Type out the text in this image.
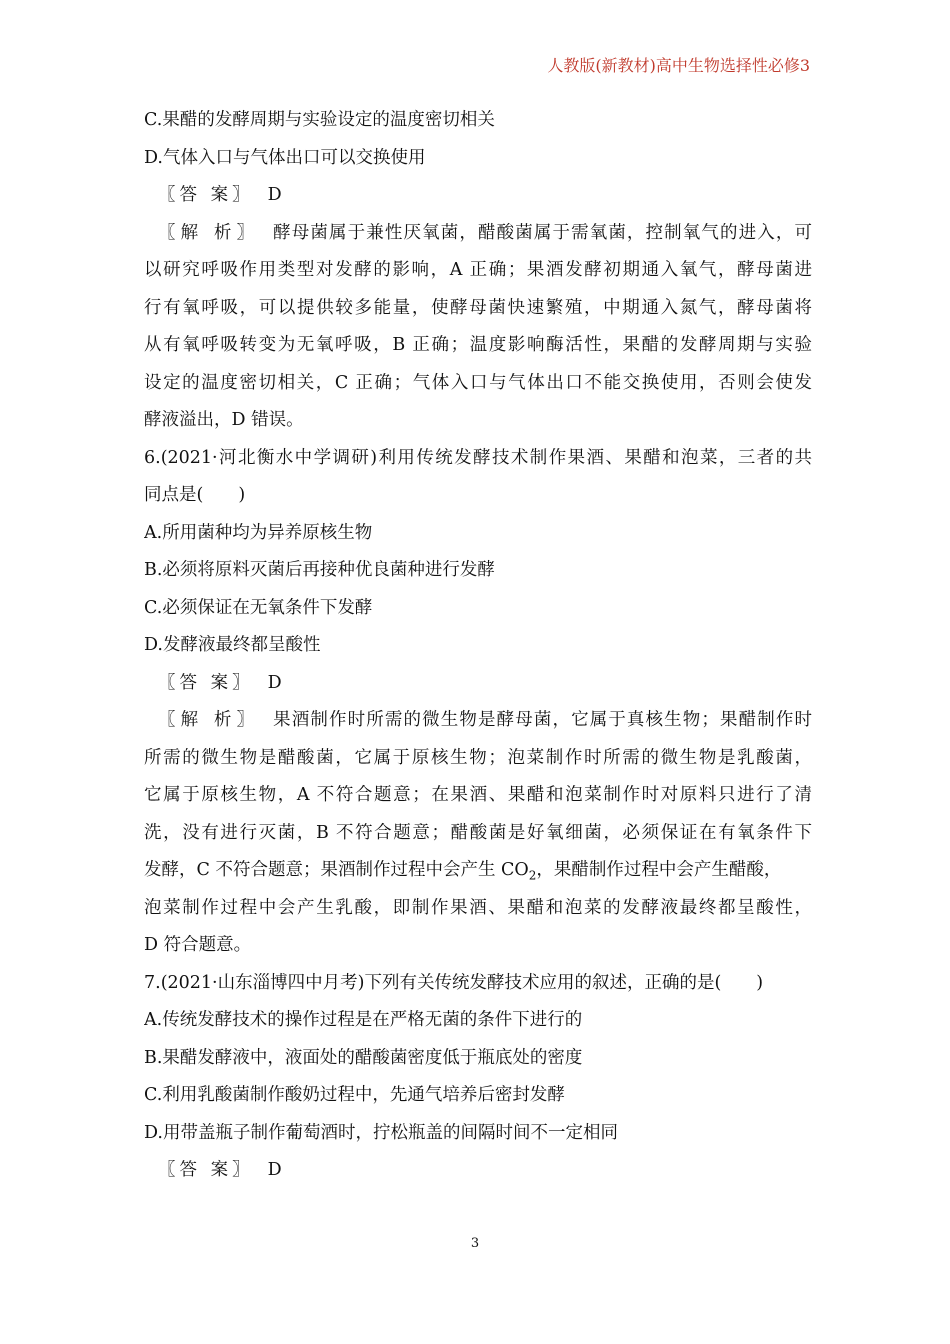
人教版(新教材)高中生物选择性必修3
C.果醋的发酵周期与实验设定的温度密切相关
D.气体入口与气体出口可以交换使用
〖答 案〗 D
〖解 析〗 酵母菌属于兼性厌氧菌，醋酸菌属于需氧菌，控制氧气的进入，可
以研究呼吸作用类型对发酵的影响，A 正确；果酒发酵初期通入氧气，酵母菌进
行有氧呼吸，可以提供较多能量，使酵母菌快速繁殖，中期通入氮气，酵母菌将
从有氧呼吸转变为无氧呼吸，B 正确；温度影响酶活性，果醋的发酵周期与实验
设定的温度密切相关，C 正确；气体入口与气体出口不能交换使用，否则会使发
酵液溢出，D 错误。
6.(2021·河北衡水中学调研)利用传统发酵技术制作果酒、果醋和泡菜，三者的共
同点是(　　)
A.所用菌种均为异养原核生物
B.必须将原料灭菌后再接种优良菌种进行发酵
C.必须保证在无氧条件下发酵
D.发酵液最终都呈酸性
〖答 案〗 D
〖解 析〗 果酒制作时所需的微生物是酵母菌，它属于真核生物；果醋制作时
所需的微生物是醋酸菌，它属于原核生物；泡菜制作时所需的微生物是乳酸菌，
它属于原核生物，A 不符合题意；在果酒、果醋和泡菜制作时对原料只进行了清
洗，没有进行灭菌，B 不符合题意；醋酸菌是好氧细菌，必须保证在有氧条件下
发酵，C 不符合题意；果酒制作过程中会产生 $CO_2$，果醋制作过程中会产生醋酸，
泡菜制作过程中会产生乳酸，即制作果酒、果醋和泡菜的发酵液最终都呈酸性，
D 符合题意。
7.(2021·山东淄博四中月考)下列有关传统发酵技术应用的叙述，正确的是(　　)
A.传统发酵技术的操作过程是在严格无菌的条件下进行的
B.果醋发酵液中，液面处的醋酸菌密度低于瓶底处的密度
C.利用乳酸菌制作酸奶过程中，先通气培养后密封发酵
D.用带盖瓶子制作葡萄酒时，拧松瓶盖的间隔时间不一定相同
〖答 案〗 D
3
